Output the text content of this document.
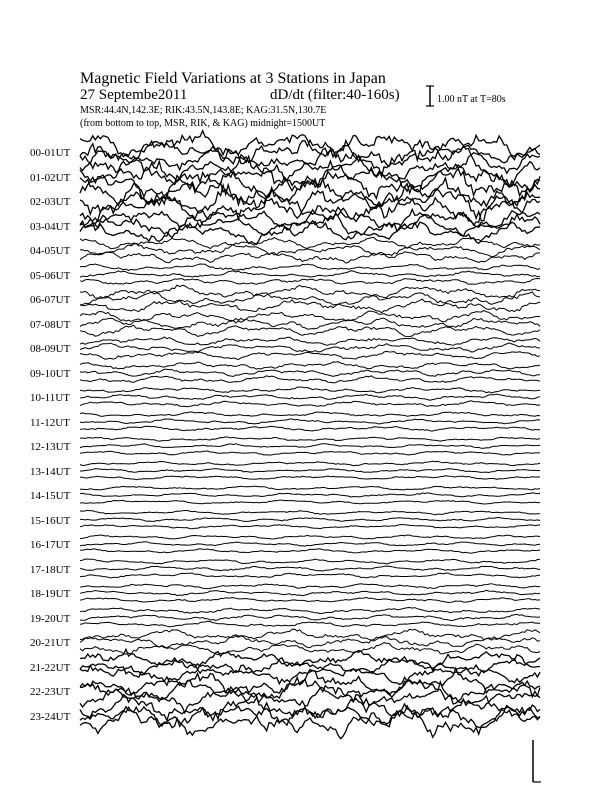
Magnetic Field Variations at 3 Stations in Japan
27 Septembe2011	dD/dt (filter:40-160s)
MSR:44.4N,142.3E; RIK:43.5N,143.8E; KAG:31.5N,130.7E
(from bottom to top, MSR, RIK, & KAG) midnight=1500UT
1.00 nT at T=80s
00-01UT
01-02UT
02-03UT
03-04UT
04-05UT
05-06UT
06-07UT
07-08UT
08-09UT
09-10UT
10-11UT
11-12UT
12-13UT
13-14UT
14-15UT
15-16UT
16-17UT
17-18UT
18-19UT
19-20UT
20-21UT
21-22UT
22-23UT
23-24UT
